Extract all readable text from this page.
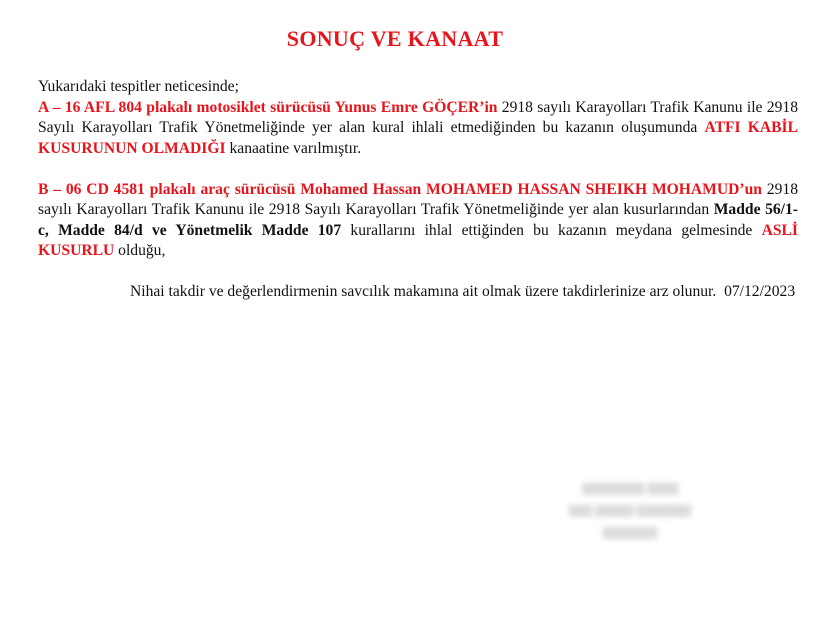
SONUÇ VE KANAAT

Yukarıdaki tespitler neticesinde;

A – 16 AFL 804 plakalı motosiklet sürücüsü Yunus Emre GÖÇER’in 2918 sayılı Karayolları Trafik Kanunu ile 2918 Sayılı Karayolları Trafik Yönetmeliğinde yer alan kural ihlali etmediğinden bu kazanın oluşumunda ATFI KABİL KUSURUNUN OLMADIĞI kanaatine varılmıştır.

B – 06 CD 4581 plakalı araç sürücüsü Mohamed Hassan MOHAMED HASSAN SHEIKH MOHAMUD’un 2918 sayılı Karayolları Trafik Kanunu ile 2918 Sayılı Karayolları Trafik Yönetmeliğinde yer alan kusurlarından Madde 56/1-c, Madde 84/d ve Yönetmelik Madde 107 kurallarını ihlal ettiğinden bu kazanın meydana gelmesinde ASLİ KUSURLU olduğu,

Nihai takdir ve değerlendirmenin savcılık makamına ait olmak üzere takdirlerinize arz olunur. 07/12/2023

▒▒▒▒▒▒▒▒ ▒▒▒▒
▒▒▒ ▒▒▒▒▒ ▒▒▒▒▒▒▒
▒▒▒▒▒▒▒
